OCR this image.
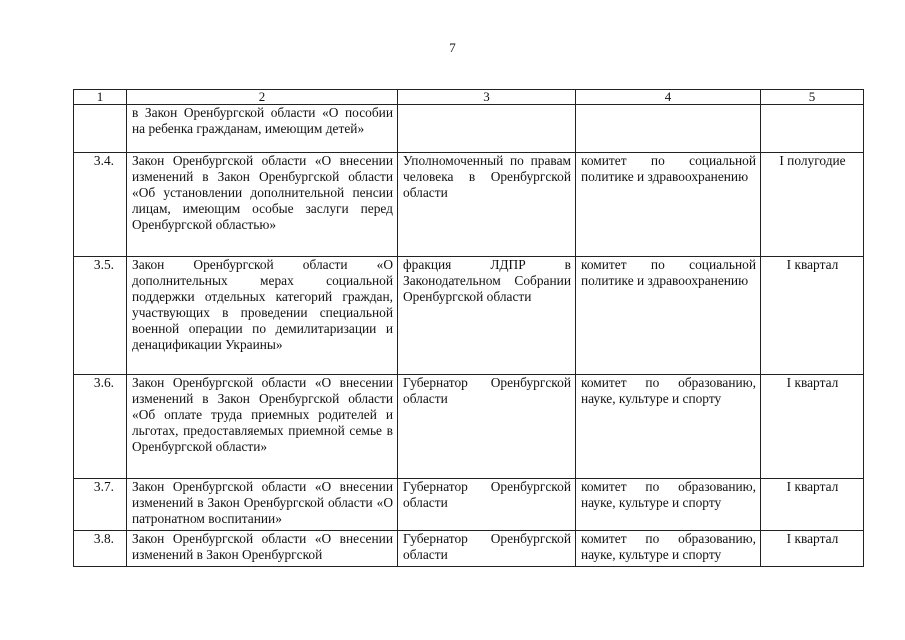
7
1	2	3	4	5
	в Закон Оренбургской области «О пособии на ребенка гражданам, имеющим детей»			
3.4.	Закон Оренбургской области «О внесении изменений в Закон Оренбургской области «Об установлении дополнительной пенсии лицам, имеющим особые заслуги перед Оренбургской областью»	Уполномоченный по правам человека в Оренбургской области	комитет по социальной политике и здравоохранению	I полугодие
3.5.	Закон Оренбургской области «О дополнительных мерах социальной поддержки отдельных категорий граждан, участвующих в проведении специальной военной операции по демилитаризации и денацификации Украины»	фракция ЛДПР в Законодательном Собрании Оренбургской области	комитет по социальной политике и здравоохранению	I квартал
3.6.	Закон Оренбургской области «О внесении изменений в Закон Оренбургской области «Об оплате труда приемных родителей и льготах, предоставляемых приемной семье в Оренбургской области»	Губернатор Оренбургской области	комитет по образованию, науке, культуре и спорту	I квартал
3.7.	Закон Оренбургской области «О внесении изменений в Закон Оренбургской области «О патронатном воспитании»	Губернатор Оренбургской области	комитет по образованию, науке, культуре и спорту	I квартал
3.8.	Закон Оренбургской области «О внесении изменений в Закон Оренбургской	Губернатор Оренбургской области	комитет по образованию, науке, культуре и спорту	I квартал
